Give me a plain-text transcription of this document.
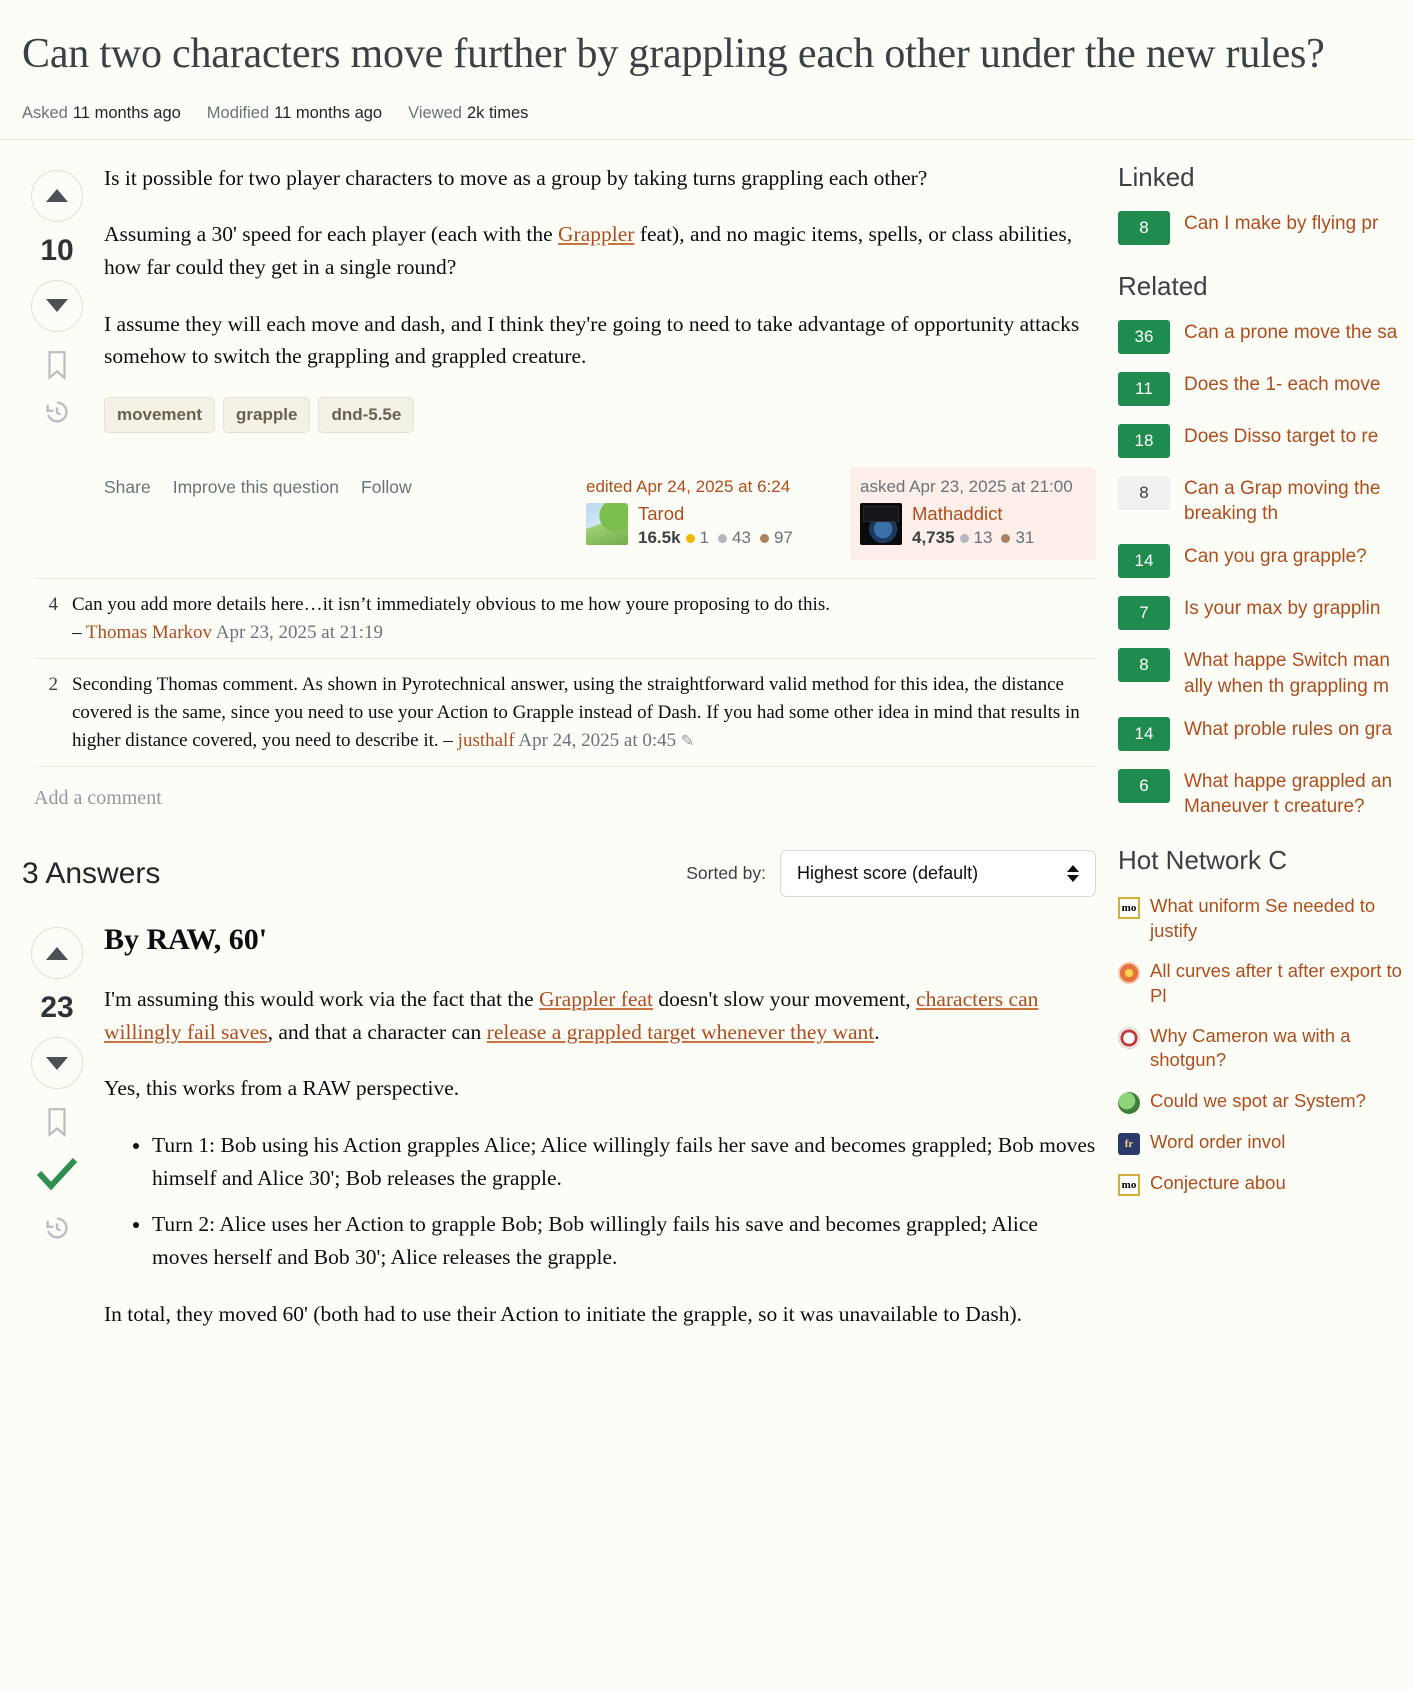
Can two characters move further by grappling each other under the new rules?
Asked 11 months ago Modified 11 months ago Viewed 2k times
10

Is it possible for two player characters to move as a group by taking turns grappling each other?

Assuming a 30' speed for each player (each with the Grappler feat), and no magic items, spells, or class abilities, how far could they get in a single round?

I assume they will each move and dash, and I think they're going to need to take advantage of opportunity attacks somehow to switch the grappling and grappled creature.

movement	grapple	dnd-5.5e
Share Improve this question Follow	edited Apr 24, 2025 at 6:24
Tarod
16.5k 1 43 97
asked Apr 23, 2025 at 21:00
Mathaddict
4,735 13 31
4 Can you add more details here…it isn’t immediately obvious to me how youre proposing to do this.
– Thomas Markov Apr 23, 2025 at 21:19
2 Seconding Thomas comment. As shown in Pyrotechnical answer, using the straightforward valid method for this idea, the distance covered is the same, since you need to use your Action to Grapple instead of Dash. If you had some other idea in mind that results in higher distance covered, you need to describe it. – justhalf Apr 24, 2025 at 0:45 ✎
Add a comment
3 Answers	Sorted by: Highest score (default)
23
By RAW, 60'

I'm assuming this would work via the fact that the Grappler feat doesn't slow your movement, characters can willingly fail saves, and that a character can release a grappled target whenever they want.

Yes, this works from a RAW perspective.

• Turn 1: Bob using his Action grapples Alice; Alice willingly fails her save and becomes grappled; Bob moves himself and Alice 30'; Bob releases the grapple.
• Turn 2: Alice uses her Action to grapple Bob; Bob willingly fails his save and becomes grappled; Alice moves herself and Bob 30'; Alice releases the grapple.

In total, they moved 60' (both had to use their Action to initiate the grapple, so it was unavailable to Dash).

Linked
8	Can I make by flying pr
Related
36	Can a prone move the sa
11	Does the 1- each move
18	Does Disso target to re
8	Can a Grap moving the breaking th
14	Can you gra grapple?
7	Is your max by grapplin
8	What happe Switch man ally when th grappling m
14	What proble rules on gra
6	What happe grappled an Maneuver t creature?
Hot Network C
mo What uniform Se needed to justify
All curves after t after export to Pl
Why Cameron wa with a shotgun?
Could we spot ar System?
fr Word order invol
mo Conjecture abou
